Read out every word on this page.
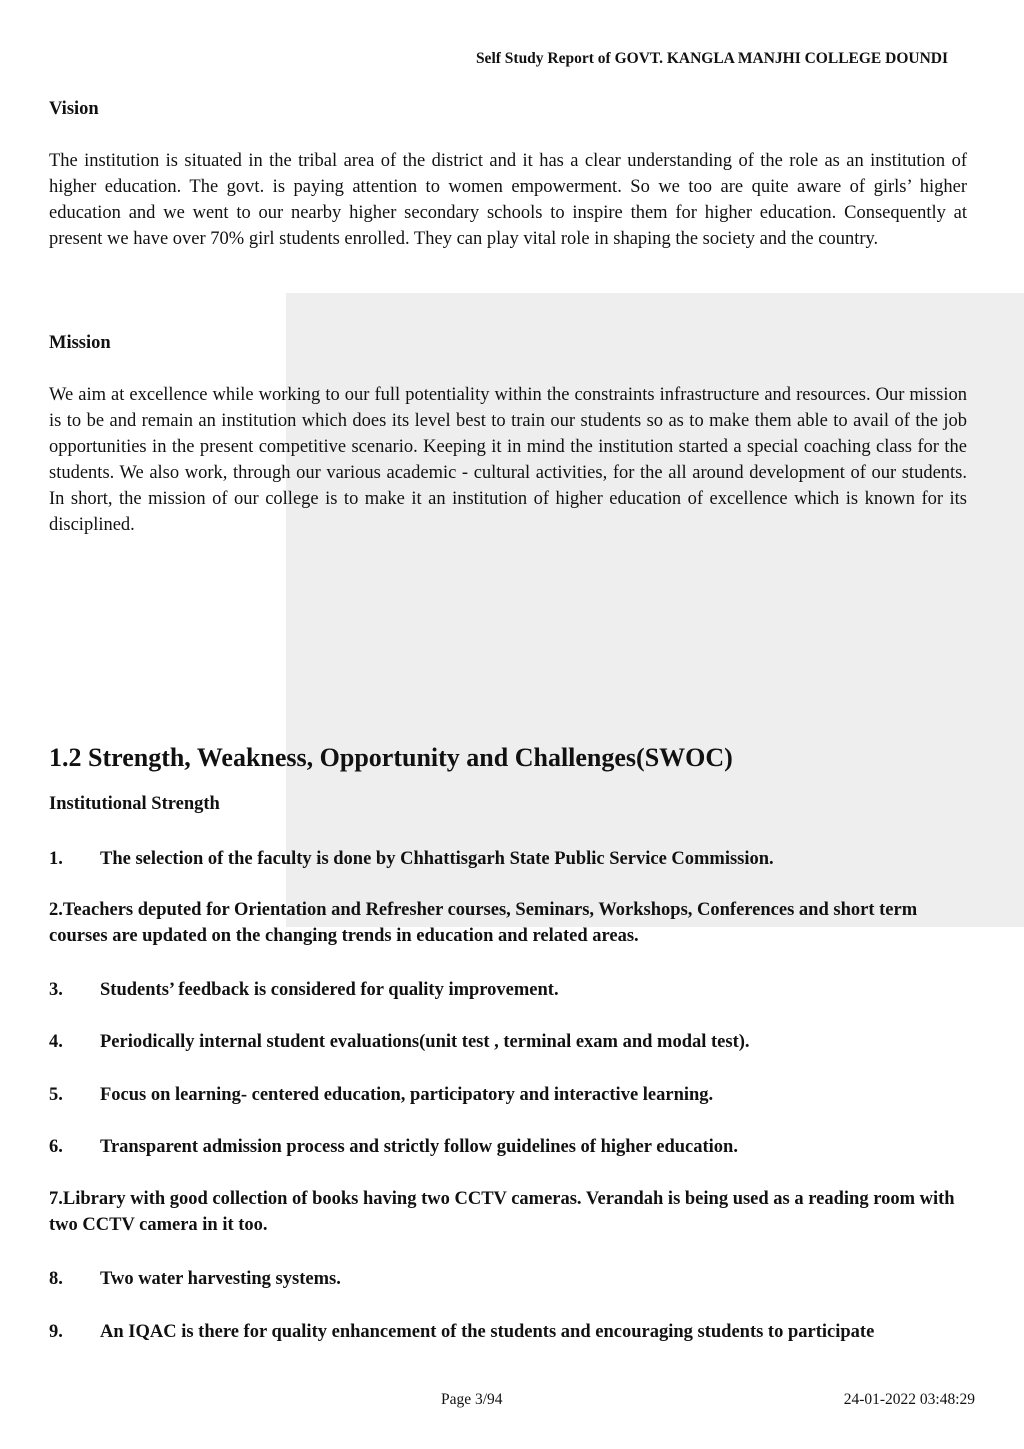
Self Study Report of GOVT. KANGLA MANJHI COLLEGE DOUNDI
Vision

The institution is situated in the tribal area of the district and it has a clear understanding of the role as an institution of higher education. The govt. is paying attention to women empowerment. So we too are quite aware of girls’ higher education and we went to our nearby higher secondary schools to inspire them for higher education. Consequently at present we have over 70% girl students enrolled. They can play vital role in shaping the society and the country.

Mission

We aim at excellence while working to our full potentiality within the constraints infrastructure and resources. Our mission is to be and remain an institution which does its level best to train our students so as to make them able to avail of the job opportunities in the present competitive scenario. Keeping it in mind the institution started a special coaching class for the students. We also work, through our various academic - cultural activities, for the all around development of our students. In short, the mission of our college is to make it an institution of higher education of excellence which is known for its disciplined.

1.2 Strength, Weakness, Opportunity and Challenges(SWOC)
Institutional Strength

1. The selection of the faculty is done by Chhattisgarh State Public Service Commission.

2.Teachers deputed for Orientation and Refresher courses, Seminars, Workshops, Conferences and short term courses are updated on the changing trends in education and related areas.

3. Students’ feedback is considered for quality improvement.

4. Periodically internal student evaluations(unit test , terminal exam and modal test).

5. Focus on learning- centered education, participatory and interactive learning.

6. Transparent admission process and strictly follow guidelines of higher education.

7.Library with good collection of books having two CCTV cameras. Verandah is being used as a reading room with two CCTV camera in it too.

8. Two water harvesting systems.

9. An IQAC is there for quality enhancement of the students and encouraging students to participate

Page 3/94	24-01-2022 03:48:29
